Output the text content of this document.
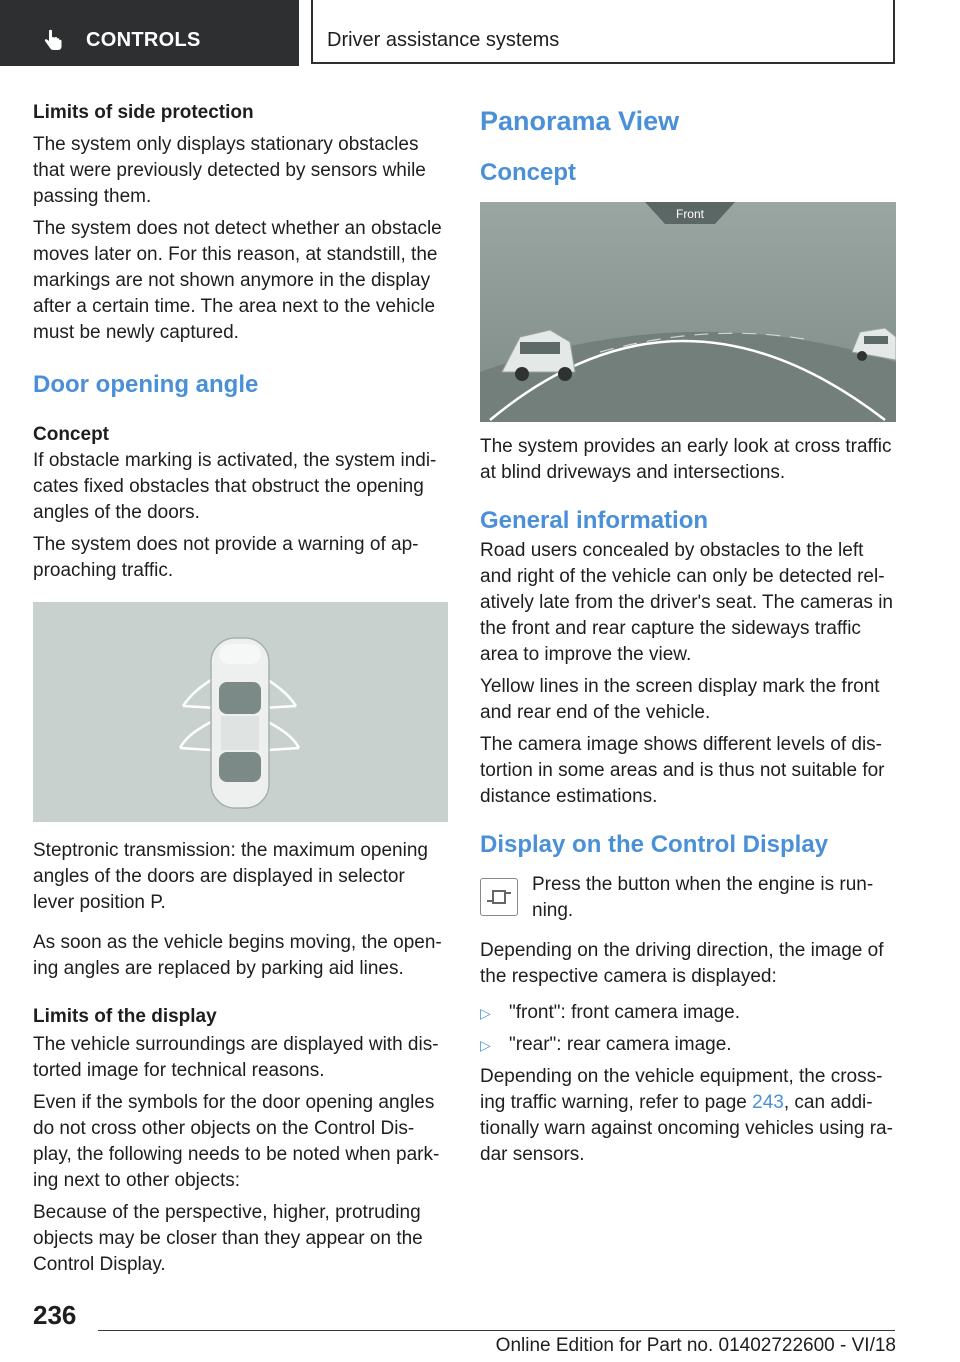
CONTROLS	Driver assistance systems

Limits of side protection

The system only displays stationary obstacles that were previously detected by sensors while passing them.

The system does not detect whether an obstacle moves later on. For this reason, at standstill, the markings are not shown anymore in the display after a certain time. The area next to the vehicle must be newly captured.

Door opening angle

Concept

If obstacle marking is activated, the system indi-cates fixed obstacles that obstruct the opening angles of the doors.

The system does not provide a warning of ap-proaching traffic.

Steptronic transmission: the maximum opening angles of the doors are displayed in selector lever position P.

As soon as the vehicle begins moving, the open-ing angles are replaced by parking aid lines.

Limits of the display

The vehicle surroundings are displayed with dis-torted image for technical reasons.

Even if the symbols for the door opening angles do not cross other objects on the Control Dis-play, the following needs to be noted when park-ing next to other objects:

Because of the perspective, higher, protruding objects may be closer than they appear on the Control Display.

Panorama View
Concept
Front

The system provides an early look at cross traffic at blind driveways and intersections.

General information

Road users concealed by obstacles to the left and right of the vehicle can only be detected rel-atively late from the driver's seat. The cameras in the front and rear capture the sideways traffic area to improve the view.

Yellow lines in the screen display mark the front and rear end of the vehicle.

The camera image shows different levels of dis-tortion in some areas and is thus not suitable for distance estimations.

Display on the Control Display

Press the button when the engine is run-ning.

Depending on the driving direction, the image of the respective camera is displayed:

▷ "front": front camera image.
▷ "rear": rear camera image.

Depending on the vehicle equipment, the cross-ing traffic warning, refer to page 243, can addi-tionally warn against oncoming vehicles using ra-dar sensors.

236
Online Edition for Part no. 01402722600 - VI/18
